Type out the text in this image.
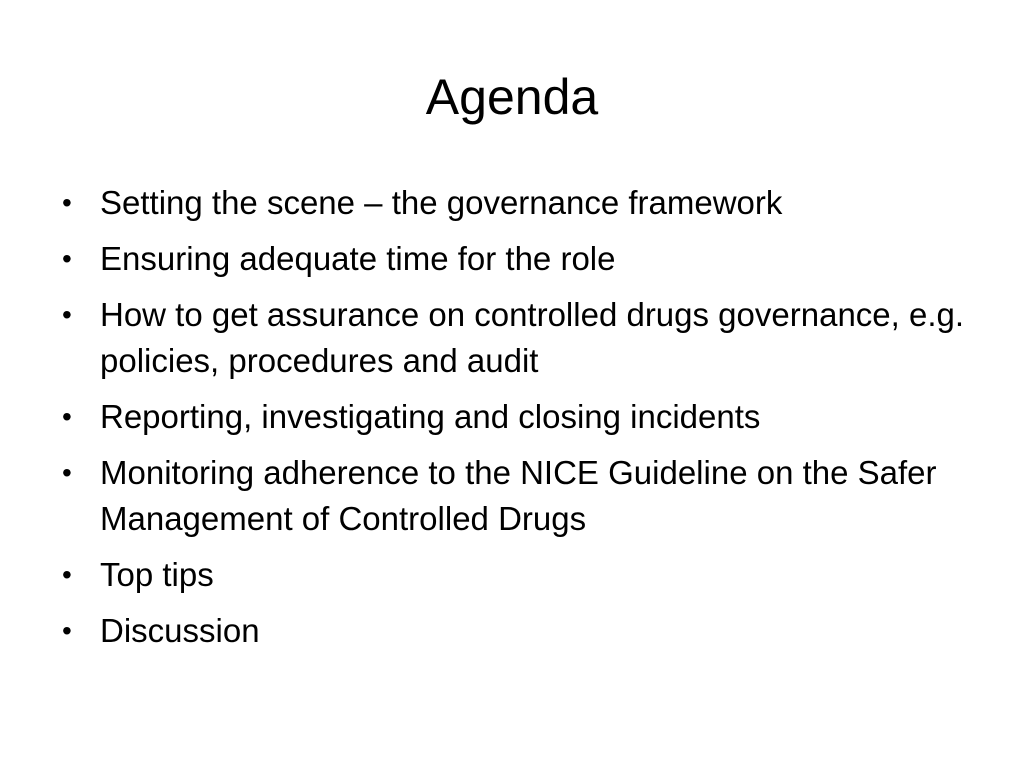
Agenda
• Setting the scene – the governance framework
• Ensuring adequate time for the role
• How to get assurance on controlled drugs governance, e.g. policies, procedures and audit
• Reporting, investigating and closing incidents
• Monitoring adherence to the NICE Guideline on the Safer Management of Controlled Drugs
• Top tips
• Discussion
